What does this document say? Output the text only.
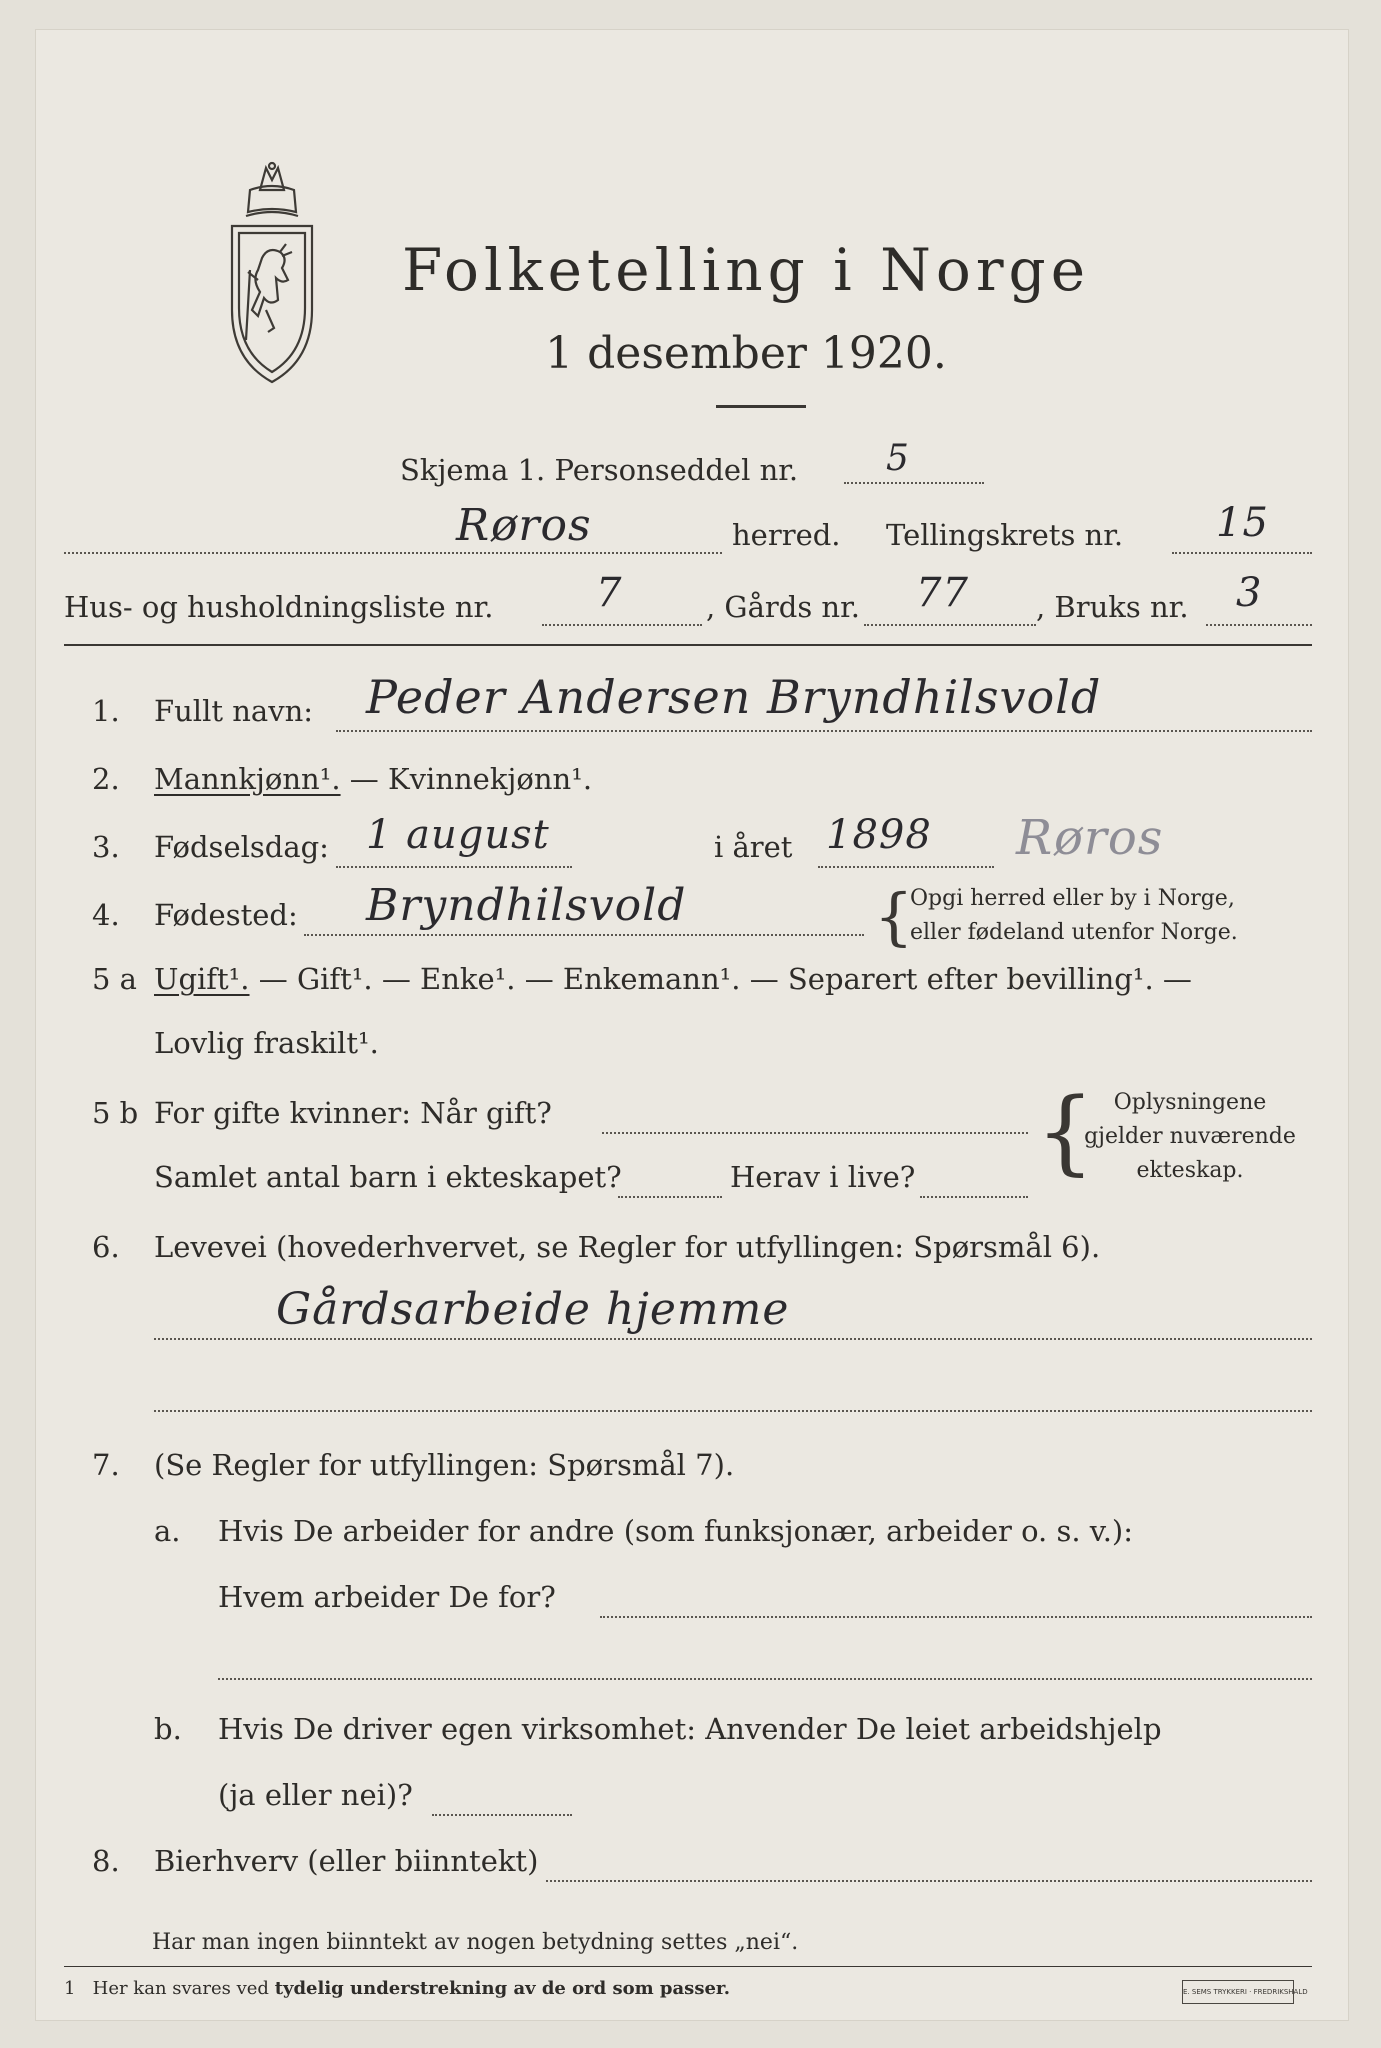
Folketelling i Norge
1 desember 1920.
Skjema 1. Personseddel nr. 5
Røros	herred. Tellingskrets nr. 15
Hus- og husholdningsliste nr.	7	, Gårds nr. 77 , Bruks nr. 3
1. Fullt navn: Peder Andersen Bryndhilsvold
2. Mannkjønn¹. — Kvinnekjønn¹.
3. Fødselsdag: 1 august	i året 1898 Røros
4. Fødested: Bryndhilsvold	{
Opgi herred eller by i Norge,
eller fødeland utenfor Norge.
5 a Ugift¹. — Gift¹. — Enke¹. — Enkemann¹. — Separert efter bevilling¹. —
Lovlig fraskilt¹.
5 b For gifte kvinner: Når gift?
Samlet antal barn i ekteskapet?	Herav i live? { Oplysningene
gjelder nuværende
ekteskap.
6. Levevei (hovederhvervet, se Regler for utfyllingen: Spørsmål 6).
Gårdsarbeide hjemme
7. (Se Regler for utfyllingen: Spørsmål 7).
a. Hvis De arbeider for andre (som funksjonær, arbeider o. s. v.):
Hvem arbeider De for?
b. Hvis De driver egen virksomhet: Anvender De leiet arbeidshjelp
(ja eller nei)?
8. Bierhverv (eller biinntekt)
Har man ingen biinntekt av nogen betydning settes „nei“.
1 Her kan svares ved tydelig understrekning av de ord som passer.	E. SEMS TRYKKERI · FREDRIKSHALD
